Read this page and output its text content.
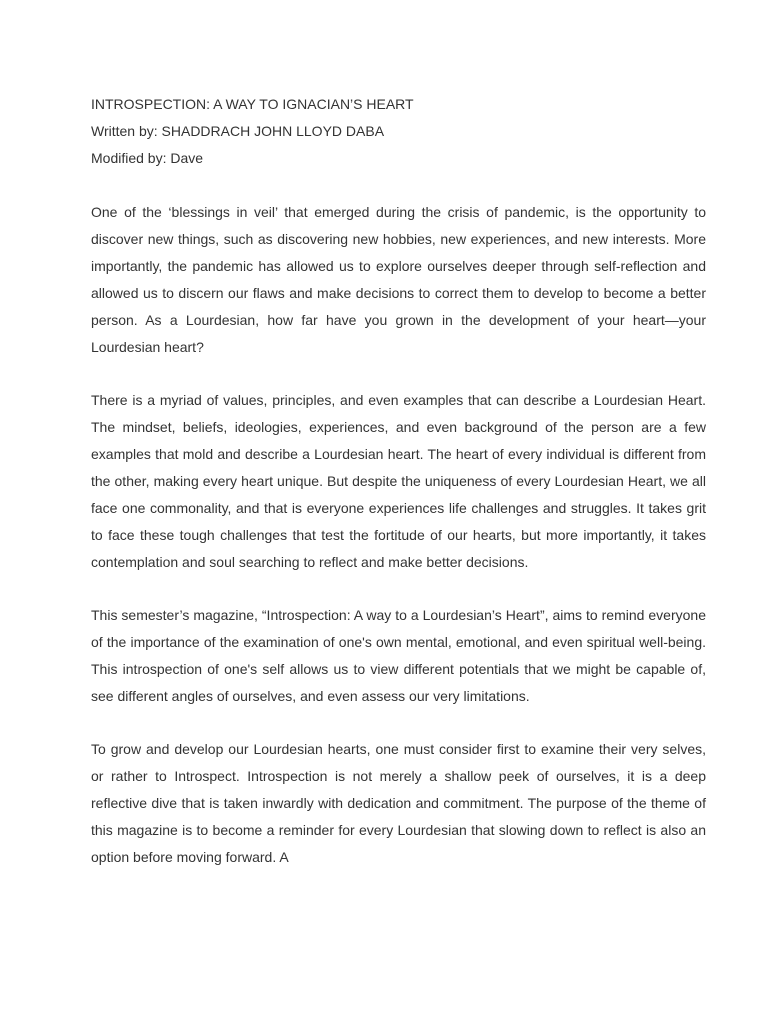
INTROSPECTION: A WAY TO IGNACIAN’S HEART
Written by: SHADDRACH JOHN LLOYD DABA
Modified by: Dave

One of the ‘blessings in veil’ that emerged during the crisis of pandemic, is the opportunity to discover new things, such as discovering new hobbies, new experiences, and new interests. More importantly, the pandemic has allowed us to explore ourselves deeper through self-reflection and allowed us to discern our flaws and make decisions to correct them to develop to become a better person. As a Lourdesian, how far have you grown in the development of your heart—your Lourdesian heart?

There is a myriad of values, principles, and even examples that can describe a Lourdesian Heart. The mindset, beliefs, ideologies, experiences, and even background of the person are a few examples that mold and describe a Lourdesian heart. The heart of every individual is different from the other, making every heart unique. But despite the uniqueness of every Lourdesian Heart, we all face one commonality, and that is everyone experiences life challenges and struggles. It takes grit to face these tough challenges that test the fortitude of our hearts, but more importantly, it takes contemplation and soul searching to reflect and make better decisions.

This semester’s magazine, “Introspection: A way to a Lourdesian’s Heart”, aims to remind everyone of the importance of the examination of one's own mental, emotional, and even spiritual well-being. This introspection of one's self allows us to view different potentials that we might be capable of, see different angles of ourselves, and even assess our very limitations.

To grow and develop our Lourdesian hearts, one must consider first to examine their very selves, or rather to Introspect. Introspection is not merely a shallow peek of ourselves, it is a deep reflective dive that is taken inwardly with dedication and commitment. The purpose of the theme of this magazine is to become a reminder for every Lourdesian that slowing down to reflect is also an option before moving forward. A
